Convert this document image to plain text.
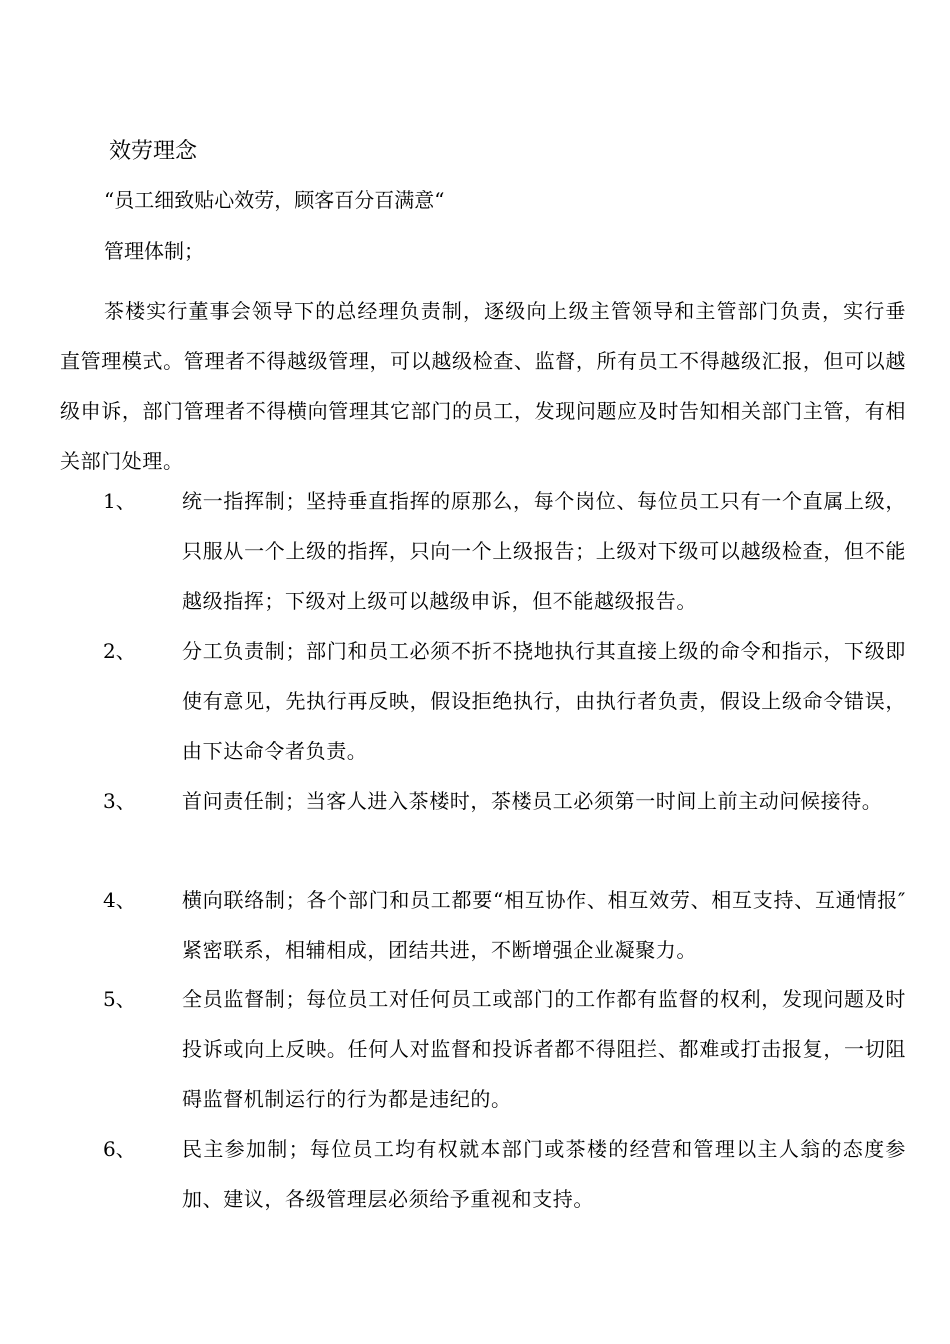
效劳理念
“员工细致贴心效劳，顾客百分百满意“
管理体制；
茶楼实行董事会领导下的总经理负责制，逐级向上级主管领导和主管部门负责，实行垂直管理模式。管理者不得越级管理，可以越级检查、监督，所有员工不得越级汇报，但可以越级申诉，部门管理者不得横向管理其它部门的员工，发现问题应及时告知相关部门主管，有相关部门处理。
1、 统一指挥制；坚持垂直指挥的原那么，每个岗位、每位员工只有一个直属上级，只服从一个上级的指挥，只向一个上级报告；上级对下级可以越级检查，但不能越级指挥；下级对上级可以越级申诉，但不能越级报告。
2、 分工负责制；部门和员工必须不折不挠地执行其直接上级的命令和指示，下级即使有意见，先执行再反映，假设拒绝执行，由执行者负责，假设上级命令错误，由下达命令者负责。
3、 首问责任制；当客人进入茶楼时，茶楼员工必须第一时间上前主动问候接待。
4、 横向联络制；各个部门和员工都要“相互协作、相互效劳、相互支持、互通情报″紧密联系，相辅相成，团结共进，不断增强企业凝聚力。
5、 全员监督制；每位员工对任何员工或部门的工作都有监督的权利，发现问题及时投诉或向上反映。任何人对监督和投诉者都不得阻拦、都难或打击报复，一切阻碍监督机制运行的行为都是违纪的。
6、 民主参加制；每位员工均有权就本部门或茶楼的经营和管理以主人翁的态度参加、建议，各级管理层必须给予重视和支持。
